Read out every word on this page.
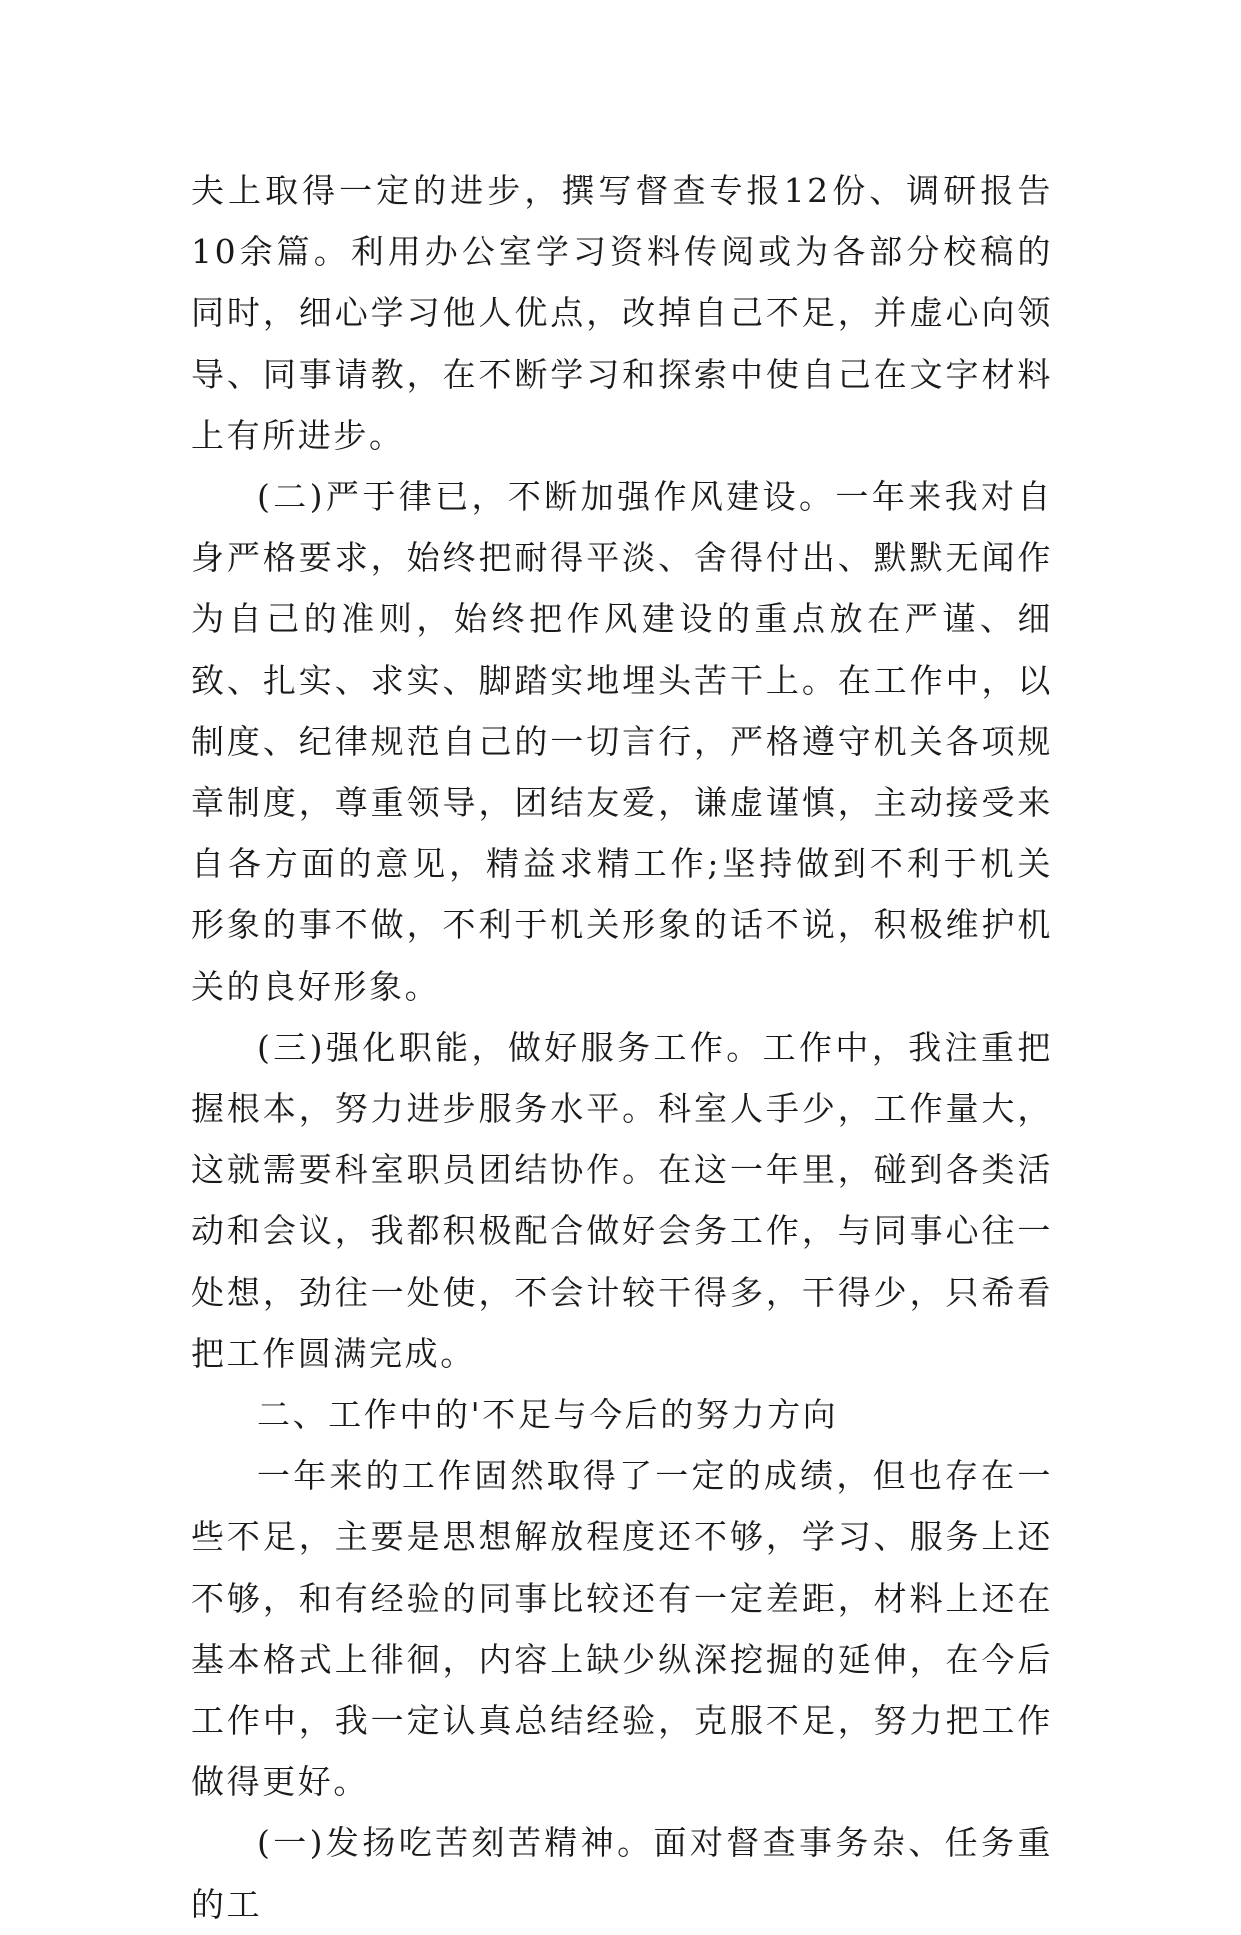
夫上取得一定的进步，撰写督查专报12份、调研报告10余篇。利用办公室学习资料传阅或为各部分校稿的同时，细心学习他人优点，改掉自己不足，并虚心向领导、同事请教，在不断学习和探索中使自己在文字材料上有所进步。

(二)严于律已，不断加强作风建设。一年来我对自身严格要求，始终把耐得平淡、舍得付出、默默无闻作为自己的准则，始终把作风建设的重点放在严谨、细致、扎实、求实、脚踏实地埋头苦干上。在工作中，以制度、纪律规范自己的一切言行，严格遵守机关各项规章制度，尊重领导，团结友爱，谦虚谨慎，主动接受来自各方面的意见，精益求精工作;坚持做到不利于机关形象的事不做，不利于机关形象的话不说，积极维护机关的良好形象。

(三)强化职能，做好服务工作。工作中，我注重把握根本，努力进步服务水平。科室人手少，工作量大，这就需要科室职员团结协作。在这一年里，碰到各类活动和会议，我都积极配合做好会务工作，与同事心往一处想，劲往一处使，不会计较干得多，干得少，只希看把工作圆满完成。

二、工作中的'不足与今后的努力方向

一年来的工作固然取得了一定的成绩，但也存在一些不足，主要是思想解放程度还不够，学习、服务上还不够，和有经验的同事比较还有一定差距，材料上还在基本格式上徘徊，内容上缺少纵深挖掘的延伸，在今后工作中，我一定认真总结经验，克服不足，努力把工作做得更好。

(一)发扬吃苦刻苦精神。面对督查事务杂、任务重的工
